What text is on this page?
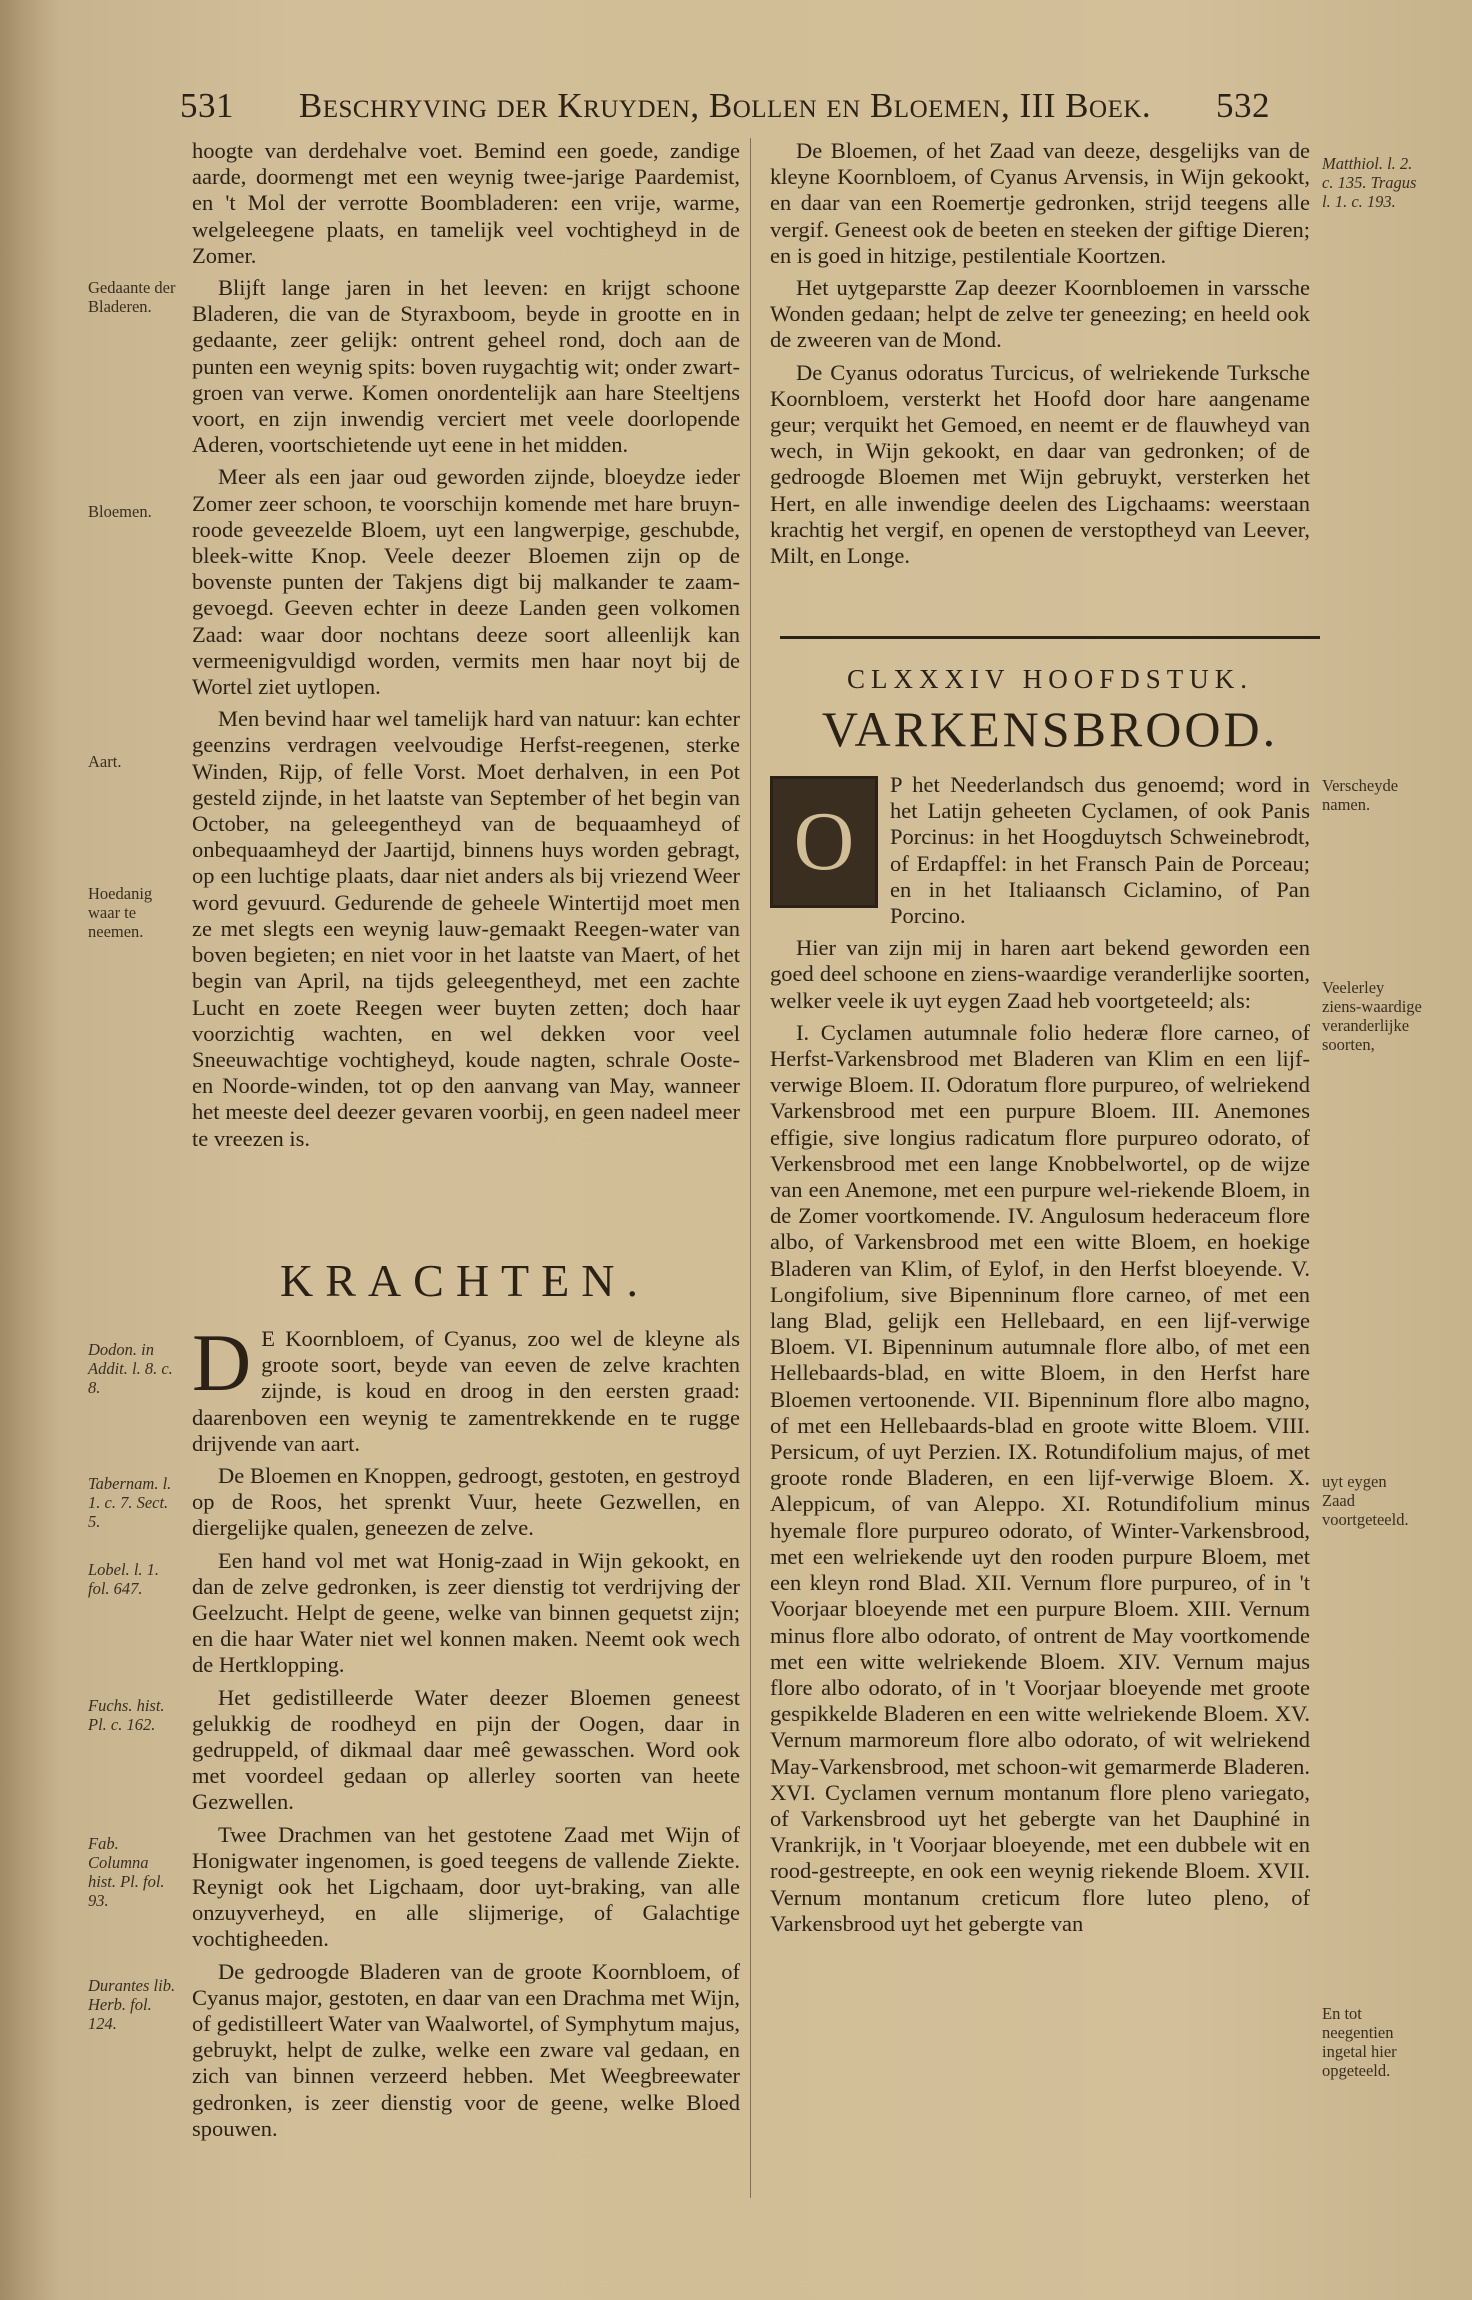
531	Beschryving der Kruyden, Bollen en Bloemen, III Boek.	532

hoogte van derdehalve voet. Bemind een goede, zandige aarde, doormengt met een weynig twee-jarige Paardemist, en 't Mol der verrotte Boombladeren: een vrije, warme, welgeleegene plaats, en tamelijk veel vochtigheyd in de Zomer.

Blijft lange jaren in het leeven: en krijgt schoone Bladeren, die van de Styraxboom, beyde in grootte en in gedaante, zeer gelijk: ontrent geheel rond, doch aan de punten een weynig spits: boven ruygachtig wit; onder zwart-groen van verwe. Komen onordentelijk aan hare Steeltjens voort, en zijn inwendig verciert met veele doorlopende Aderen, voortschietende uyt eene in het midden.

Meer als een jaar oud geworden zijnde, bloeydze ieder Zomer zeer schoon, te voorschijn komende met hare bruyn-roode geveezelde Bloem, uyt een langwerpige, geschubde, bleek-witte Knop. Veele deezer Bloemen zijn op de bovenste punten der Takjens digt bij malkander te zaam-gevoegd. Geeven echter in deeze Landen geen volkomen Zaad: waar door nochtans deeze soort alleenlijk kan vermeenigvuldigd worden, vermits men haar noyt bij de Wortel ziet uytlopen.

Men bevind haar wel tamelijk hard van natuur: kan echter geenzins verdragen veelvoudige Herfst-reegenen, sterke Winden, Rijp, of felle Vorst. Moet derhalven, in een Pot gesteld zijnde, in het laatste van September of het begin van October, na geleegentheyd van de bequaamheyd of onbequaamheyd der Jaartijd, binnens huys worden gebragt, op een luchtige plaats, daar niet anders als bij vriezend Weer word gevuurd. Gedurende de geheele Wintertijd moet men ze met slegts een weynig lauw-gemaakt Reegen-water van boven begieten; en niet voor in het laatste van Maert, of het begin van April, na tijds geleegentheyd, met een zachte Lucht en zoete Reegen weer buyten zetten; doch haar voorzichtig wachten, en wel dekken voor veel Sneeuwachtige vochtigheyd, koude nagten, schrale Ooste- en Noorde-winden, tot op den aanvang van May, wanneer het meeste deel deezer gevaren voorbij, en geen nadeel meer te vreezen is.

Gedaante der Bladeren.
Bloemen.
Aart.
Hoedanig waar te neemen.
KRACHTEN.

D E Koornbloem, of Cyanus, zoo wel de kleyne als groote soort, beyde van eeven de zelve krachten zijnde, is koud en droog in den eersten graad: daarenboven een weynig te zamentrekkende en te rugge drijvende van aart.

De Bloemen en Knoppen, gedroogt, gestoten, en gestroyd op de Roos, het sprenkt Vuur, heete Gezwellen, en diergelijke qualen, geneezen de zelve.

Een hand vol met wat Honig-zaad in Wijn gekookt, en dan de zelve gedronken, is zeer dienstig tot verdrijving der Geelzucht. Helpt de geene, welke van binnen gequetst zijn; en die haar Water niet wel konnen maken. Neemt ook wech de Hertklopping.

Het gedistilleerde Water deezer Bloemen geneest gelukkig de roodheyd en pijn der Oogen, daar in gedruppeld, of dikmaal daar meê gewasschen. Word ook met voordeel gedaan op allerley soorten van heete Gezwellen.

Twee Drachmen van het gestotene Zaad met Wijn of Honigwater ingenomen, is goed teegens de vallende Ziekte. Reynigt ook het Ligchaam, door uyt-braking, van alle onzuyverheyd, en alle slijmerige, of Galachtige vochtigheeden.

De gedroogde Bladeren van de groote Koornbloem, of Cyanus major, gestoten, en daar van een Drachma met Wijn, of gedistilleert Water van Waalwortel, of Symphytum majus, gebruykt, helpt de zulke, welke een zware val gedaan, en zich van binnen verzeerd hebben. Met Weegbreewater gedronken, is zeer dienstig voor de geene, welke Bloed spouwen.

Dodon. in Addit. l. 8. c. 8.
Tabernam. l. 1. c. 7. Sect. 5.
Lobel. l. 1. fol. 647.
Fuchs. hist. Pl. c. 162.
Fab. Columna hist. Pl. fol. 93.
Durantes lib. Herb. fol. 124.

De Bloemen, of het Zaad van deeze, desgelijks van de kleyne Koornbloem, of Cyanus Arvensis, in Wijn gekookt, en daar van een Roemertje gedronken, strijd teegens alle vergif. Geneest ook de beeten en steeken der giftige Dieren; en is goed in hitzige, pestilentiale Koortzen.

Het uytgeparstte Zap deezer Koornbloemen in varssche Wonden gedaan; helpt de zelve ter geneezing; en heeld ook de zweeren van de Mond.

De Cyanus odoratus Turcicus, of welriekende Turksche Koornbloem, versterkt het Hoofd door hare aangename geur; verquikt het Gemoed, en neemt er de flauwheyd van wech, in Wijn gekookt, en daar van gedronken; of de gedroogde Bloemen met Wijn gebruykt, versterken het Hert, en alle inwendige deelen des Ligchaams: weerstaan krachtig het vergif, en openen de verstoptheyd van Leever, Milt, en Longe.

Matthiol. l. 2. c. 135. Tragus l. 1. c. 193.
CLXXXIV HOOFDSTUK.
VARKENSBROOD.

O
P het Neederlandsch dus genoemd; word in het Latijn geheeten Cyclamen, of ook Panis Porcinus: in het Hoogduytsch Schweinebrodt, of Erdapffel: in het Fransch Pain de Porceau; en in het Italiaansch Ciclamino, of Pan Porcino.

Hier van zijn mij in haren aart bekend geworden een goed deel schoone en ziens-waardige veranderlijke soorten, welker veele ik uyt eygen Zaad heb voortgeteeld; als:

I. Cyclamen autumnale folio hederæ flore carneo, of Herfst-Varkensbrood met Bladeren van Klim en een lijf-verwige Bloem. II. Odoratum flore purpureo, of welriekend Varkensbrood met een purpure Bloem. III. Anemones effigie, sive longius radicatum flore purpureo odorato, of Verkensbrood met een lange Knobbelwortel, op de wijze van een Anemone, met een purpure wel-riekende Bloem, in de Zomer voortkomende. IV. Angulosum hederaceum flore albo, of Varkensbrood met een witte Bloem, en hoekige Bladeren van Klim, of Eylof, in den Herfst bloeyende. V. Longifolium, sive Bipenninum flore carneo, of met een lang Blad, gelijk een Hellebaard, en een lijf-verwige Bloem. VI. Bipenninum autumnale flore albo, of met een Hellebaards-blad, en witte Bloem, in den Herfst hare Bloemen vertoonende. VII. Bipenninum flore albo magno, of met een Hellebaards-blad en groote witte Bloem. VIII. Persicum, of uyt Perzien. IX. Rotundifolium majus, of met groote ronde Bladeren, en een lijf-verwige Bloem. X. Aleppicum, of van Aleppo. XI. Rotundifolium minus hyemale flore purpureo odorato, of Winter-Varkensbrood, met een welriekende uyt den rooden purpure Bloem, met een kleyn rond Blad. XII. Vernum flore purpureo, of in 't Voorjaar bloeyende met een purpure Bloem. XIII. Vernum minus flore albo odorato, of ontrent de May voortkomende met een witte welriekende Bloem. XIV. Vernum majus flore albo odorato, of in 't Voorjaar bloeyende met groote gespikkelde Bladeren en een witte welriekende Bloem. XV. Vernum marmoreum flore albo odorato, of wit welriekend May-Varkensbrood, met schoon-wit gemarmerde Bladeren. XVI. Cyclamen vernum montanum flore pleno variegato, of Varkensbrood uyt het gebergte van het Dauphiné in Vrankrijk, in 't Voorjaar bloeyende, met een dubbele wit en rood-gestreepte, en ook een weynig riekende Bloem. XVII. Vernum montanum creticum flore luteo pleno, of Varkensbrood uyt het gebergte van

Verscheyde namen.
Veelerley ziens-waardige veranderlijke soorten,
uyt eygen Zaad voortgeteeld.
En tot neegentien ingetal hier opgeteeld.
